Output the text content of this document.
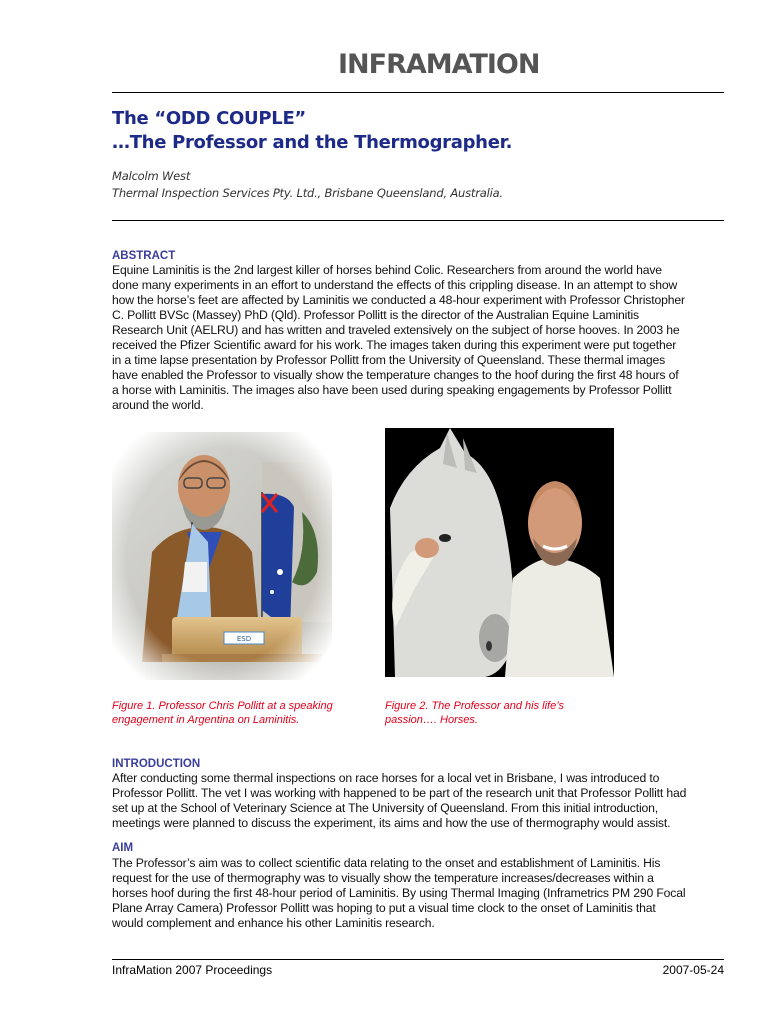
INFRAMATION
The “ODD COUPLE”
…The Professor and the Thermographer.
Malcolm West
Thermal Inspection Services Pty. Ltd., Brisbane Queensland, Australia.
ABSTRACT
Equine Laminitis is the 2nd largest killer of horses behind Colic. Researchers from around the world have
done many experiments in an effort to understand the effects of this crippling disease. In an attempt to show
how the horse’s feet are affected by Laminitis we conducted a 48-hour experiment with Professor Christopher
C. Pollitt BVSc (Massey) PhD (Qld). Professor Pollitt is the director of the Australian Equine Laminitis
Research Unit (AELRU) and has written and traveled extensively on the subject of horse hooves. In 2003 he
received the Pfizer Scientific award for his work. The images taken during this experiment were put together
in a time lapse presentation by Professor Pollitt from the University of Queensland. These thermal images
have enabled the Professor to visually show the temperature changes to the hoof during the first 48 hours of
a horse with Laminitis. The images also have been used during speaking engagements by Professor Pollitt
around the world.
Figure 1. Professor Chris Pollitt at a speaking
engagement in Argentina on Laminitis.
Figure 2. The Professor and his life’s
passion…. Horses.
INTRODUCTION
After conducting some thermal inspections on race horses for a local vet in Brisbane, I was introduced to
Professor Pollitt. The vet I was working with happened to be part of the research unit that Professor Pollitt had
set up at the School of Veterinary Science at The University of Queensland. From this initial introduction,
meetings were planned to discuss the experiment, its aims and how the use of thermography would assist.
AIM
The Professor’s aim was to collect scientific data relating to the onset and establishment of Laminitis. His
request for the use of thermography was to visually show the temperature increases/decreases within a
horses hoof during the first 48-hour period of Laminitis. By using Thermal Imaging (Inframetrics PM 290 Focal
Plane Array Camera) Professor Pollitt was hoping to put a visual time clock to the onset of Laminitis that
would complement and enhance his other Laminitis research.
InfraMation 2007 Proceedings	2007-05-24
